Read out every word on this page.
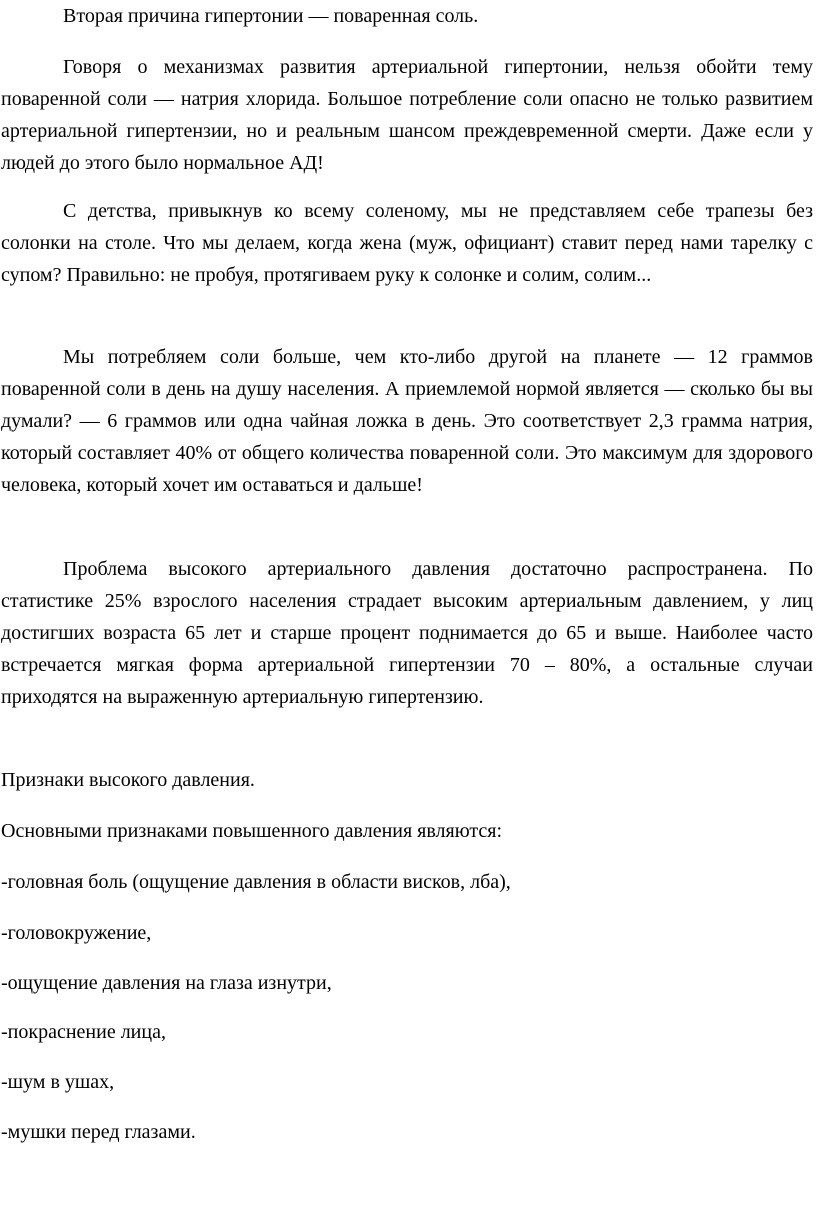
Вторая причина гипертонии — поваренная соль.

Говоря о механизмах развития артериальной гипертонии, нельзя обойти тему поваренной соли — натрия хлорида. Большое потребление соли опасно не только развитием артериальной гипертензии, но и реальным шансом преждевременной смерти. Даже если у людей до этого было нормальное АД!

С детства, привыкнув ко всему соленому, мы не представляем себе трапезы без солонки на столе. Что мы делаем, когда жена (муж, официант) ставит перед нами тарелку с супом? Правильно: не пробуя, протягиваем руку к солонке и солим, солим...

Мы потребляем соли больше, чем кто-либо другой на планете — 12 граммов поваренной соли в день на душу населения. А приемлемой нормой является — сколько бы вы думали? — 6 граммов или одна чайная ложка в день. Это соответствует 2,3 грамма натрия, который составляет 40% от общего количества поваренной соли. Это максимум для здорового человека, который хочет им оставаться и дальше!

Проблема высокого артериального давления достаточно распространена. По статистике 25% взрослого населения страдает высоким артериальным давлением, у лиц достигших возраста 65 лет и старше процент поднимается до 65 и выше. Наиболее часто встречается мягкая форма артериальной гипертензии 70 – 80%, а остальные случаи приходятся на выраженную артериальную гипертензию.

Признаки высокого давления.

Основными признаками повышенного давления являются:

-головная боль (ощущение давления в области висков, лба),

-головокружение,

-ощущение давления на глаза изнутри,

-покраснение лица,

-шум в ушах,

-мушки перед глазами.
